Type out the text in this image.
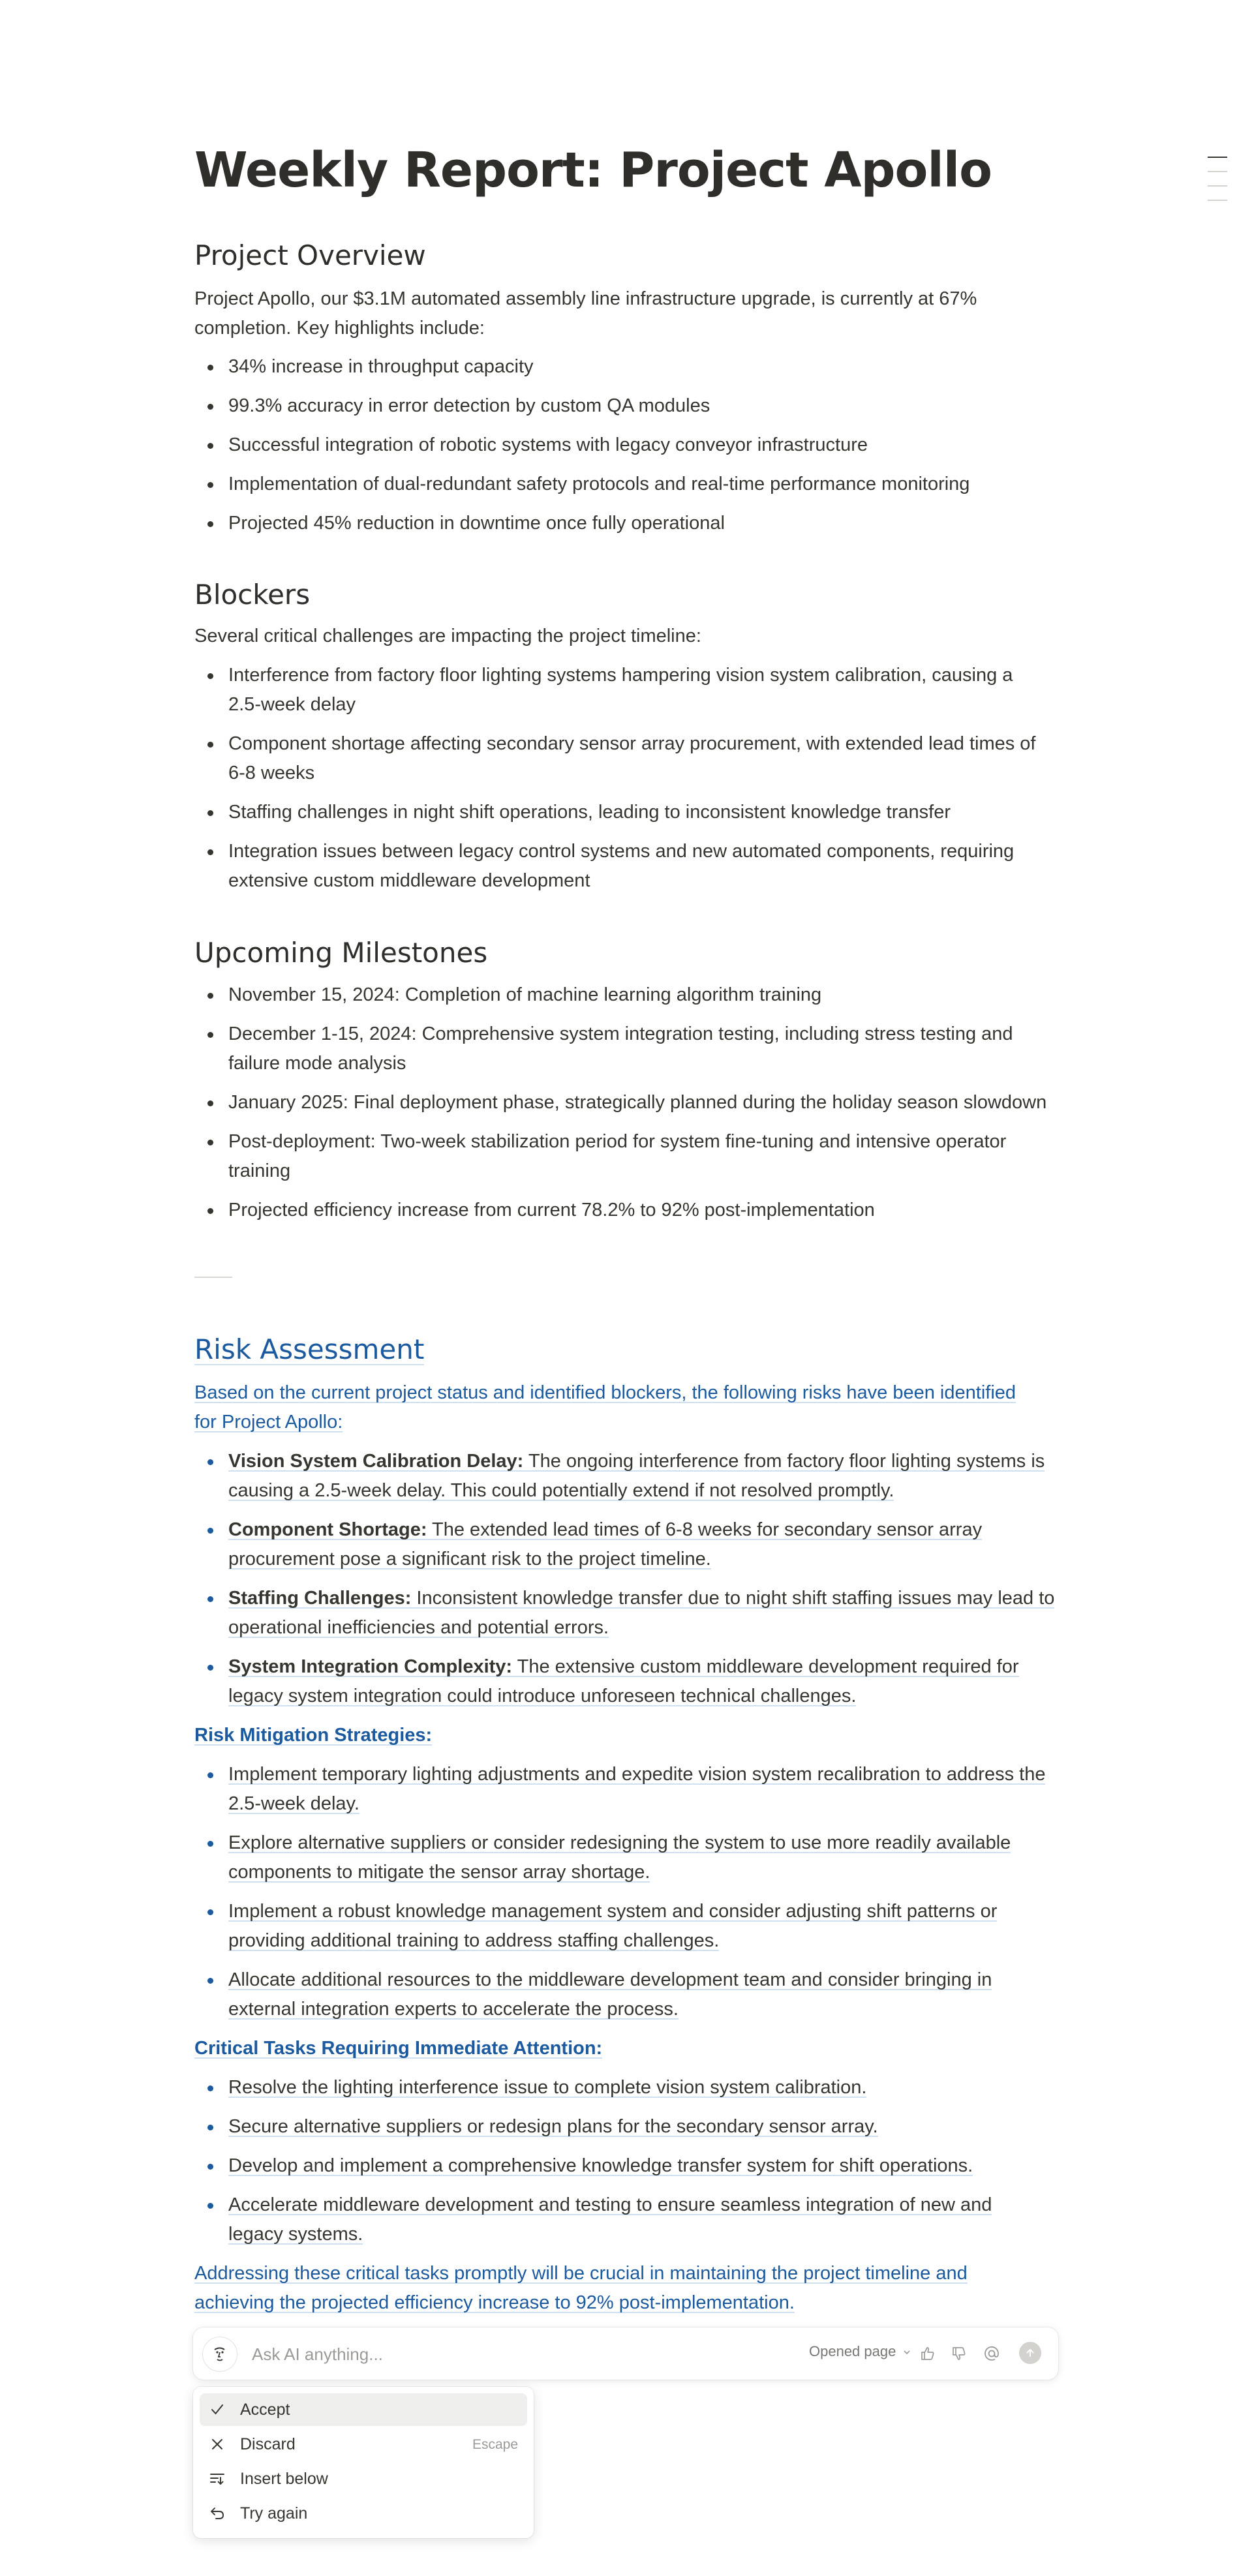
Weekly Report: Project Apollo
Project Overview
Project Apollo, our $3.1M automated assembly line infrastructure upgrade, is currently at 67% completion. Key highlights include:
34% increase in throughput capacity
99.3% accuracy in error detection by custom QA modules
Successful integration of robotic systems with legacy conveyor infrastructure
Implementation of dual-redundant safety protocols and real-time performance monitoring
Projected 45% reduction in downtime once fully operational
Blockers
Several critical challenges are impacting the project timeline:
Interference from factory floor lighting systems hampering vision system calibration, causing a 2.5-week delay
Component shortage affecting secondary sensor array procurement, with extended lead times of 6-8 weeks
Staffing challenges in night shift operations, leading to inconsistent knowledge transfer
Integration issues between legacy control systems and new automated components, requiring extensive custom middleware development
Upcoming Milestones
November 15, 2024: Completion of machine learning algorithm training
December 1-15, 2024: Comprehensive system integration testing, including stress testing and failure mode analysis
January 2025: Final deployment phase, strategically planned during the holiday season slowdown
Post-deployment: Two-week stabilization period for system fine-tuning and intensive operator training
Projected efficiency increase from current 78.2% to 92% post-implementation
Risk Assessment
Based on the current project status and identified blockers, the following risks have been identified for Project Apollo:
Vision System Calibration Delay: The ongoing interference from factory floor lighting systems is causing a 2.5-week delay. This could potentially extend if not resolved promptly.
Component Shortage: The extended lead times of 6-8 weeks for secondary sensor array procurement pose a significant risk to the project timeline.
Staffing Challenges: Inconsistent knowledge transfer due to night shift staffing issues may lead to operational inefficiencies and potential errors.
System Integration Complexity: The extensive custom middleware development required for legacy system integration could introduce unforeseen technical challenges.
Risk Mitigation Strategies:
Implement temporary lighting adjustments and expedite vision system recalibration to address the 2.5-week delay.
Explore alternative suppliers or consider redesigning the system to use more readily available components to mitigate the sensor array shortage.
Implement a robust knowledge management system and consider adjusting shift patterns or providing additional training to address staffing challenges.
Allocate additional resources to the middleware development team and consider bringing in external integration experts to accelerate the process.
Critical Tasks Requiring Immediate Attention:
Resolve the lighting interference issue to complete vision system calibration.
Secure alternative suppliers or redesign plans for the secondary sensor array.
Develop and implement a comprehensive knowledge transfer system for shift operations.
Accelerate middleware development and testing to ensure seamless integration of new and legacy systems.
Addressing these critical tasks promptly will be crucial in maintaining the project timeline and achieving the projected efficiency increase to 92% post-implementation.
Ask AI anything...
Opened page
Accept
Discard	Escape
Insert below
Try again
